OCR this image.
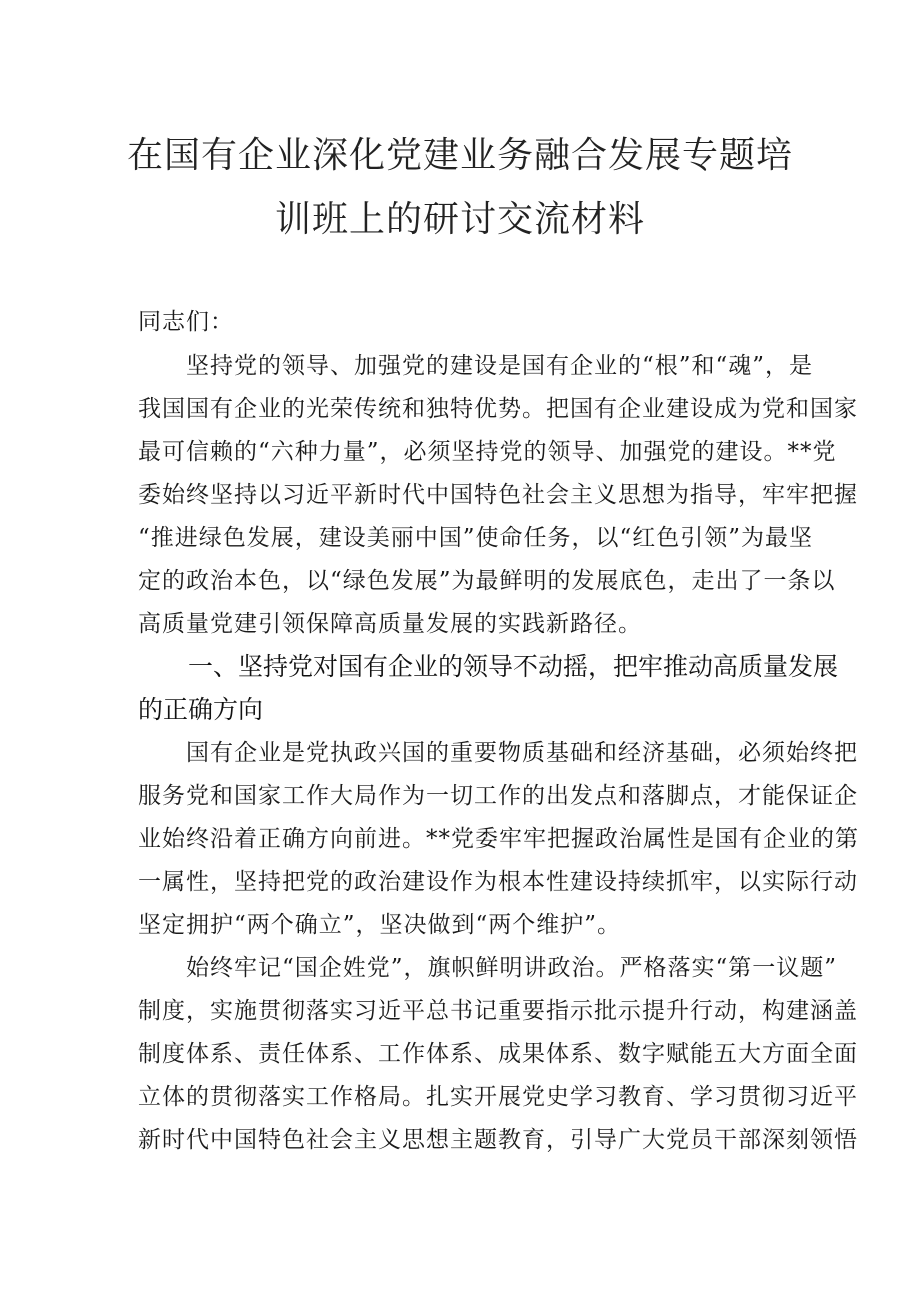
在国有企业深化党建业务融合发展专题培
训班上的研讨交流材料
同志们：
　　坚持党的领导、加强党的建设是国有企业的“根”和“魂”，是
我国国有企业的光荣传统和独特优势。把国有企业建设成为党和国家
最可信赖的“六种力量”，必须坚持党的领导、加强党的建设。**党
委始终坚持以习近平新时代中国特色社会主义思想为指导，牢牢把握
“推进绿色发展，建设美丽中国”使命任务，以“红色引领”为最坚
定的政治本色，以“绿色发展”为最鲜明的发展底色，走出了一条以
高质量党建引领保障高质量发展的实践新路径。
　　一、坚持党对国有企业的领导不动摇，把牢推动高质量发展
的正确方向
　　国有企业是党执政兴国的重要物质基础和经济基础，必须始终把
服务党和国家工作大局作为一切工作的出发点和落脚点，才能保证企
业始终沿着正确方向前进。**党委牢牢把握政治属性是国有企业的第
一属性，坚持把党的政治建设作为根本性建设持续抓牢，以实际行动
坚定拥护“两个确立”，坚决做到“两个维护”。
　　始终牢记“国企姓党”，旗帜鲜明讲政治。严格落实“第一议题”
制度，实施贯彻落实习近平总书记重要指示批示提升行动，构建涵盖
制度体系、责任体系、工作体系、成果体系、数字赋能五大方面全面
立体的贯彻落实工作格局。扎实开展党史学习教育、学习贯彻习近平
新时代中国特色社会主义思想主题教育，引导广大党员干部深刻领悟
